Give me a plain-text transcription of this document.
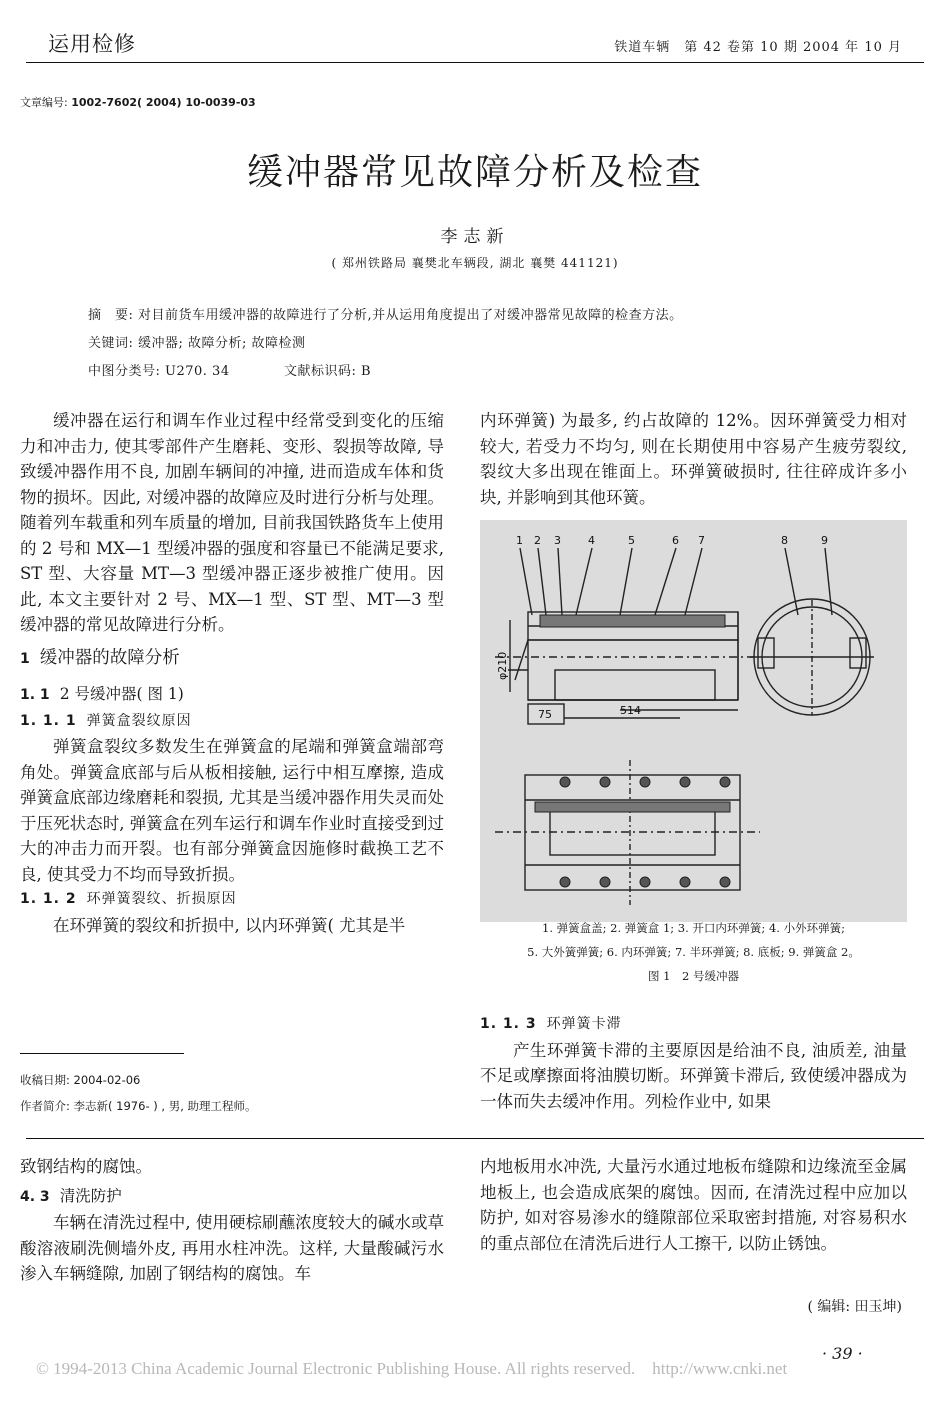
运用检修	铁道车辆　第 42 卷第 10 期 2004 年 10 月
文章编号: 1002-7602( 2004) 10-0039-03
缓冲器常见故障分析及检查
李志新
( 郑州铁路局 襄樊北车辆段, 湖北 襄樊 441121)
摘　要: 对目前货车用缓冲器的故障进行了分析,并从运用角度提出了对缓冲器常见故障的检查方法。
关键词: 缓冲器; 故障分析; 故障检测
中图分类号: U270. 34	文献标识码: B

缓冲器在运行和调车作业过程中经常受到变化的压缩力和冲击力, 使其零部件产生磨耗、变形、裂损等故障, 导致缓冲器作用不良, 加剧车辆间的冲撞, 进而造成车体和货物的损坏。因此, 对缓冲器的故障应及时进行分析与处理。随着列车载重和列车质量的增加, 目前我国铁路货车上使用的 2 号和 MX—1 型缓冲器的强度和容量已不能满足要求, ST 型、大容量 MT—3 型缓冲器正逐步被推广使用。因此, 本文主要针对 2 号、MX—1 型、ST 型、MT—3 型缓冲器的常见故障进行分析。

1 缓冲器的故障分析
1. 1 2 号缓冲器( 图 1)
1. 1. 1 弹簧盒裂纹原因

弹簧盒裂纹多数发生在弹簧盒的尾端和弹簧盒端部弯角处。弹簧盒底部与后从板相接触, 运行中相互摩擦, 造成弹簧盒底部边缘磨耗和裂损, 尤其是当缓冲器作用失灵而处于压死状态时, 弹簧盒在列车运行和调车作业时直接受到过大的冲击力而开裂。也有部分弹簧盒因施修时截换工艺不良, 使其受力不均而导致折损。

1. 1. 2 环弹簧裂纹、折损原因

在环弹簧的裂纹和折损中, 以内环弹簧( 尤其是半

收稿日期: 2004-02-06
作者简介: 李志新( 1976- ) , 男, 助理工程师。

内环弹簧) 为最多, 约占故障的 12%。因环弹簧受力相对较大, 若受力不均匀, 则在长期使用中容易产生疲劳裂纹, 裂纹大多出现在锥面上。环弹簧破损时, 往往碎成许多小块, 并影响到其他环簧。

1 2 3 4	5	6 7	8	9
φ210
75	514
1. 弹簧盒盖; 2. 弹簧盒 1; 3. 开口内环弹簧; 4. 小外环弹簧;
5. 大外簧弹簧; 6. 内环弹簧; 7. 半环弹簧; 8. 底板; 9. 弹簧盒 2。
图 1　2 号缓冲器
1. 1. 3 环弹簧卡滞

产生环弹簧卡滞的主要原因是给油不良, 油质差, 油量不足或摩擦面将油膜切断。环弹簧卡滞后, 致使缓冲器成为一体而失去缓冲作用。列检作业中, 如果

致钢结构的腐蚀。

4. 3 清洗防护

车辆在清洗过程中, 使用硬棕刷蘸浓度较大的碱水或草酸溶液刷洗侧墙外皮, 再用水柱冲洗。这样, 大量酸碱污水渗入车辆缝隙, 加剧了钢结构的腐蚀。车

内地板用水冲洗, 大量污水通过地板布缝隙和边缘流至金属地板上, 也会造成底架的腐蚀。因而, 在清洗过程中应加以防护, 如对容易渗水的缝隙部位采取密封措施, 对容易积水的重点部位在清洗后进行人工擦干, 以防止锈蚀。

( 编辑: 田玉坤)
© 1994-2013 China Academic Journal Electronic Publishing House. All rights reserved.　http://www.cnki.net
· 39 ·
